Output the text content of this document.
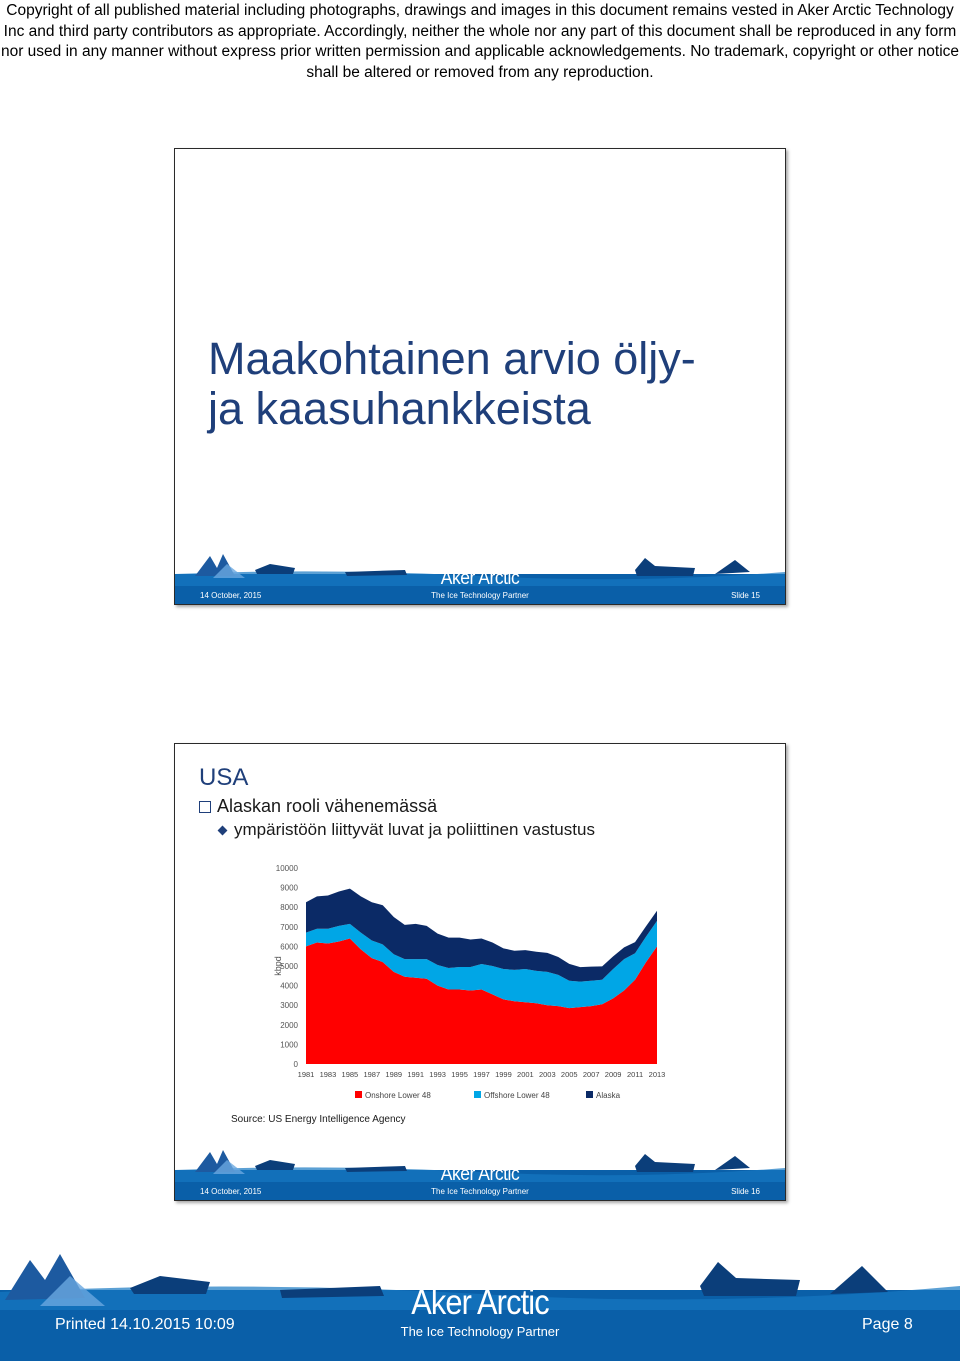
Copyright of all published material including photographs, drawings and images in this document remains vested in Aker Arctic Technology Inc and third party contributors as appropriate. Accordingly, neither the whole nor any part of this document shall be reproduced in any form nor used in any manner without express prior written permission and applicable acknowledgements. No trademark, copyright or other notice shall be altered or removed from any reproduction.
Maakohtainen arvio öljy-
ja kaasuhankkeista
Aker Arctic
14 October, 2015	The Ice Technology Partner	Slide 15
USA
Alaskan rooli vähenemässä
ympäristöön liittyvät luvat ja poliittinen vastustus
0
1000
2000
3000
4000
5000
6000
7000
8000
9000
10000
kbpd
1981 1983 1985 1987 1989 1991 1993 1995 1997 1999 2001 2003 2005 2007 2009 2011 2013
Onshore Lower 48	Offshore Lower 48	Alaska
Source: US Energy Intelligence Agency
Aker Arctic
14 October, 2015	The Ice Technology Partner	Slide 16
Aker Arctic
The Ice Technology Partner
Printed 14.10.2015 10:09	Page 8
